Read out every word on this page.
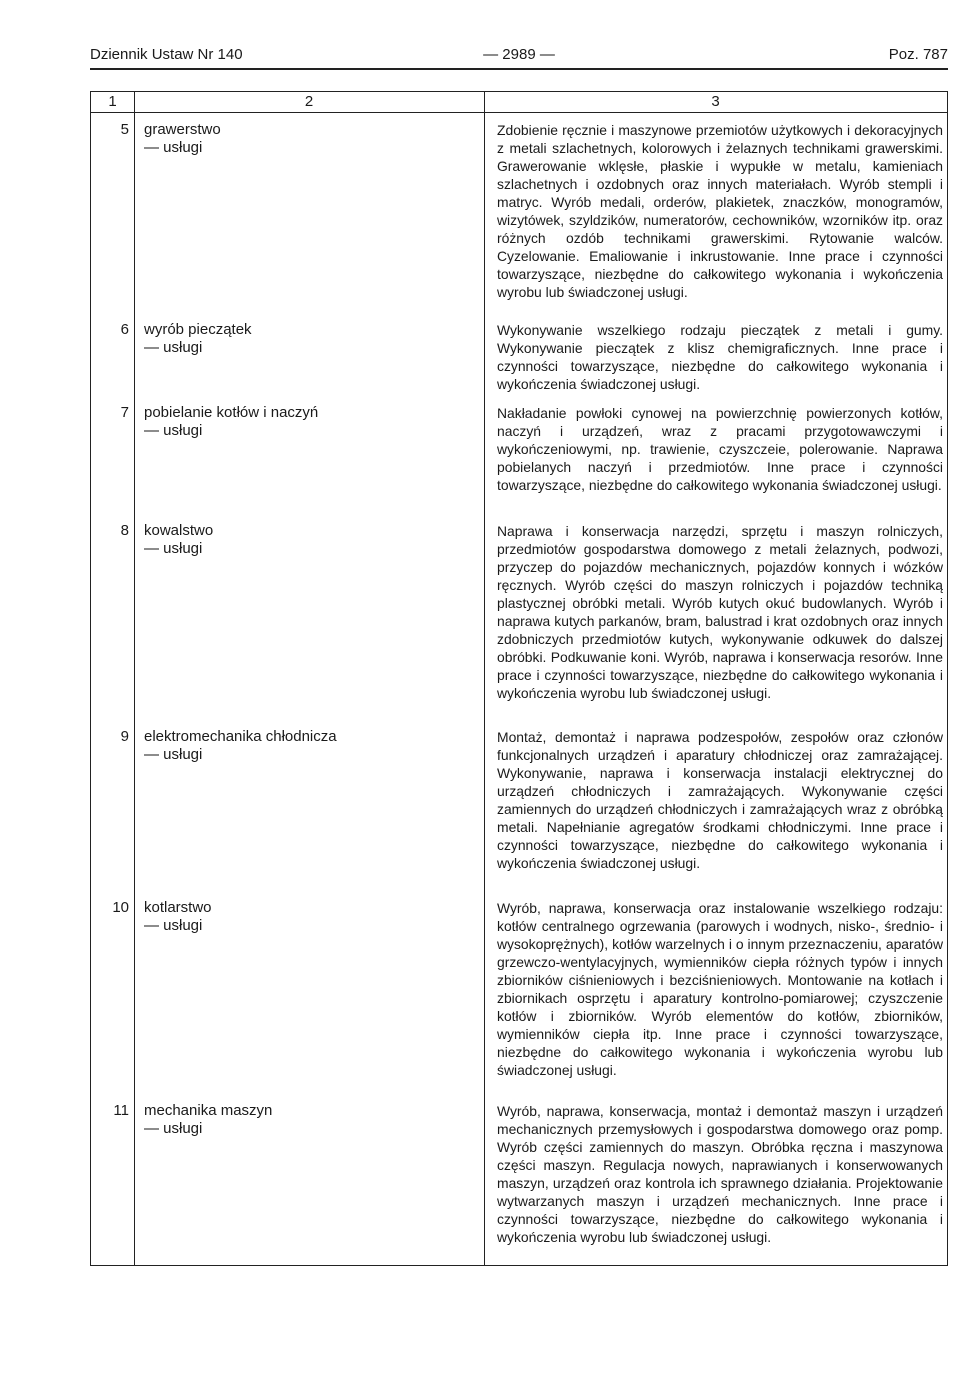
Dziennik Ustaw Nr 140	— 2989 —	Poz. 787
1	2	3
5 grawerstwo
— usługi
Zdobienie ręcznie i maszynowe przemiotów użytkowych i dekoracyjnych z metali szlachetnych, kolorowych i żelaznych technikami grawerskimi. Grawerowanie wklęsłe, płaskie i wypukłe w metalu, kamieniach szlachetnych i ozdobnych oraz innych materiałach. Wyrób stempli i matryc. Wyrób medali, orderów, plakietek, znaczków, monogramów, wizytówek, szyldzików, numeratorów, cechowników, wzorników itp. oraz różnych ozdób technikami grawerskimi. Rytowanie walców. Cyzelowanie. Emaliowanie i inkrustowanie. Inne prace i czynności towarzyszące, niezbędne do całkowitego wykonania i wykończenia wyrobu lub świadczonej usługi.
6 wyrób pieczątek
— usługi
Wykonywanie wszelkiego rodzaju pieczątek z metali i gumy. Wykonywanie pieczątek z klisz chemigraficznych. Inne prace i czynności towarzyszące, niezbędne do całkowitego wykonania i wykończenia świadczonej usługi.
7 pobielanie kotłów i naczyń
— usługi
Nakładanie powłoki cynowej na powierzchnię powierzonych kotłów, naczyń i urządzeń, wraz z pracami przygotowawczymi i wykończeniowymi, np. trawienie, czyszczeie, polerowanie. Naprawa pobielanych naczyń i przedmiotów. Inne prace i czynności towarzyszące, niezbędne do całkowitego wykonania świadczonej usługi.
8 kowalstwo
— usługi
Naprawa i konserwacja narzędzi, sprzętu i maszyn rolniczych, przedmiotów gospodarstwa domowego z metali żelaznych, podwozi, przyczep do pojazdów mechanicznych, pojazdów konnych i wózków ręcznych. Wyrób części do maszyn rolniczych i pojazdów techniką plastycznej obróbki metali. Wyrób kutych okuć budowlanych. Wyrób i naprawa kutych parkanów, bram, balustrad i krat ozdobnych oraz innych zdobniczych przedmiotów kutych, wykonywanie odkuwek do dalszej obróbki. Podkuwanie koni. Wyrób, naprawa i konserwacja resorów. Inne prace i czynności towarzyszące, niezbędne do całkowitego wykonania i wykończenia wyrobu lub świadczonej usługi.
9 elektromechanika chłodnicza
— usługi
Montaż, demontaż i naprawa podzespołów, zespołów oraz członów funkcjonalnych urządzeń i aparatury chłodniczej oraz zamrażającej. Wykonywanie, naprawa i konserwacja instalacji elektrycznej do urządzeń chłodniczych i zamrażających. Wykonywanie części zamiennych do urządzeń chłodniczych i zamrażających wraz z obróbką metali. Napełnianie agregatów środkami chłodniczymi. Inne prace i czynności towarzyszące, niezbędne do całkowitego wykonania i wykończenia świadczonej usługi.
10 kotlarstwo
— usługi
Wyrób, naprawa, konserwacja oraz instalowanie wszelkiego rodzaju: kotłów centralnego ogrzewania (parowych i wodnych, nisko-, średnio- i wysokoprężnych), kotłów warzelnych i o innym przeznaczeniu, aparatów grzewczo-wentylacyjnych, wymienników ciepła różnych typów i innych zbiorników ciśnieniowych i bezciśnieniowych. Montowanie na kotłach i zbiornikach osprzętu i aparatury kontrolno-pomiarowej; czyszczenie kotłów i zbiorników. Wyrób elementów do kotłów, zbiorników, wymienników ciepła itp. Inne prace i czynności towarzyszące, niezbędne do całkowitego wykonania i wykończenia wyrobu lub świadczonej usługi.
11 mechanika maszyn
— usługi
Wyrób, naprawa, konserwacja, montaż i demontaż maszyn i urządzeń mechanicznych przemysłowych i gospodarstwa domowego oraz pomp. Wyrób części zamiennych do maszyn. Obróbka ręczna i maszynowa części maszyn. Regulacja nowych, naprawianych i konserwowanych maszyn, urządzeń oraz kontrola ich sprawnego działania. Projektowanie wytwarzanych maszyn i urządzeń mechanicznych. Inne prace i czynności towarzyszące, niezbędne do całkowitego wykonania i wykończenia wyrobu lub świadczonej usługi.
